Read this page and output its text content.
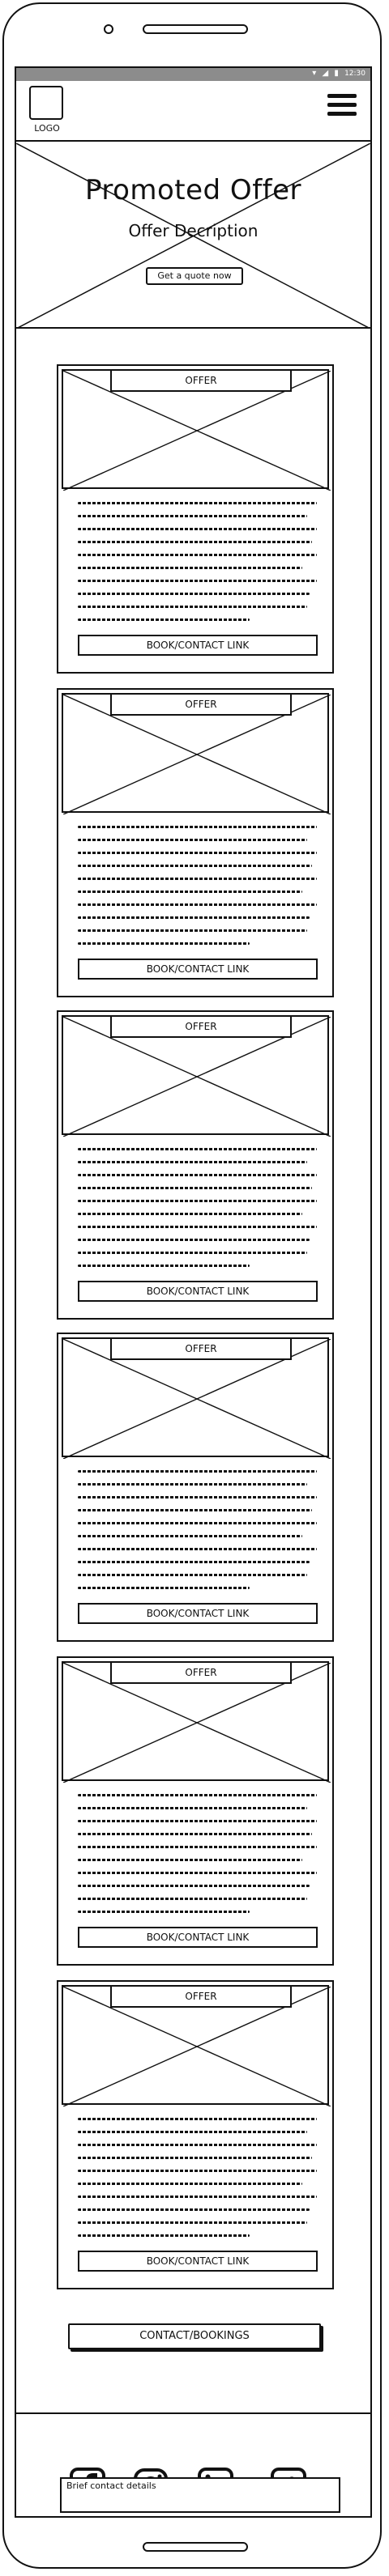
▾ ◢ ▮ 12:30
LOGO
Promoted Offer
Offer Decription
Get a quote now
OFFER
BOOK/CONTACT LINK
OFFER
BOOK/CONTACT LINK
OFFER
BOOK/CONTACT LINK
OFFER
BOOK/CONTACT LINK
OFFER
BOOK/CONTACT LINK
OFFER
BOOK/CONTACT LINK
CONTACT/BOOKINGS
Brief contact details
